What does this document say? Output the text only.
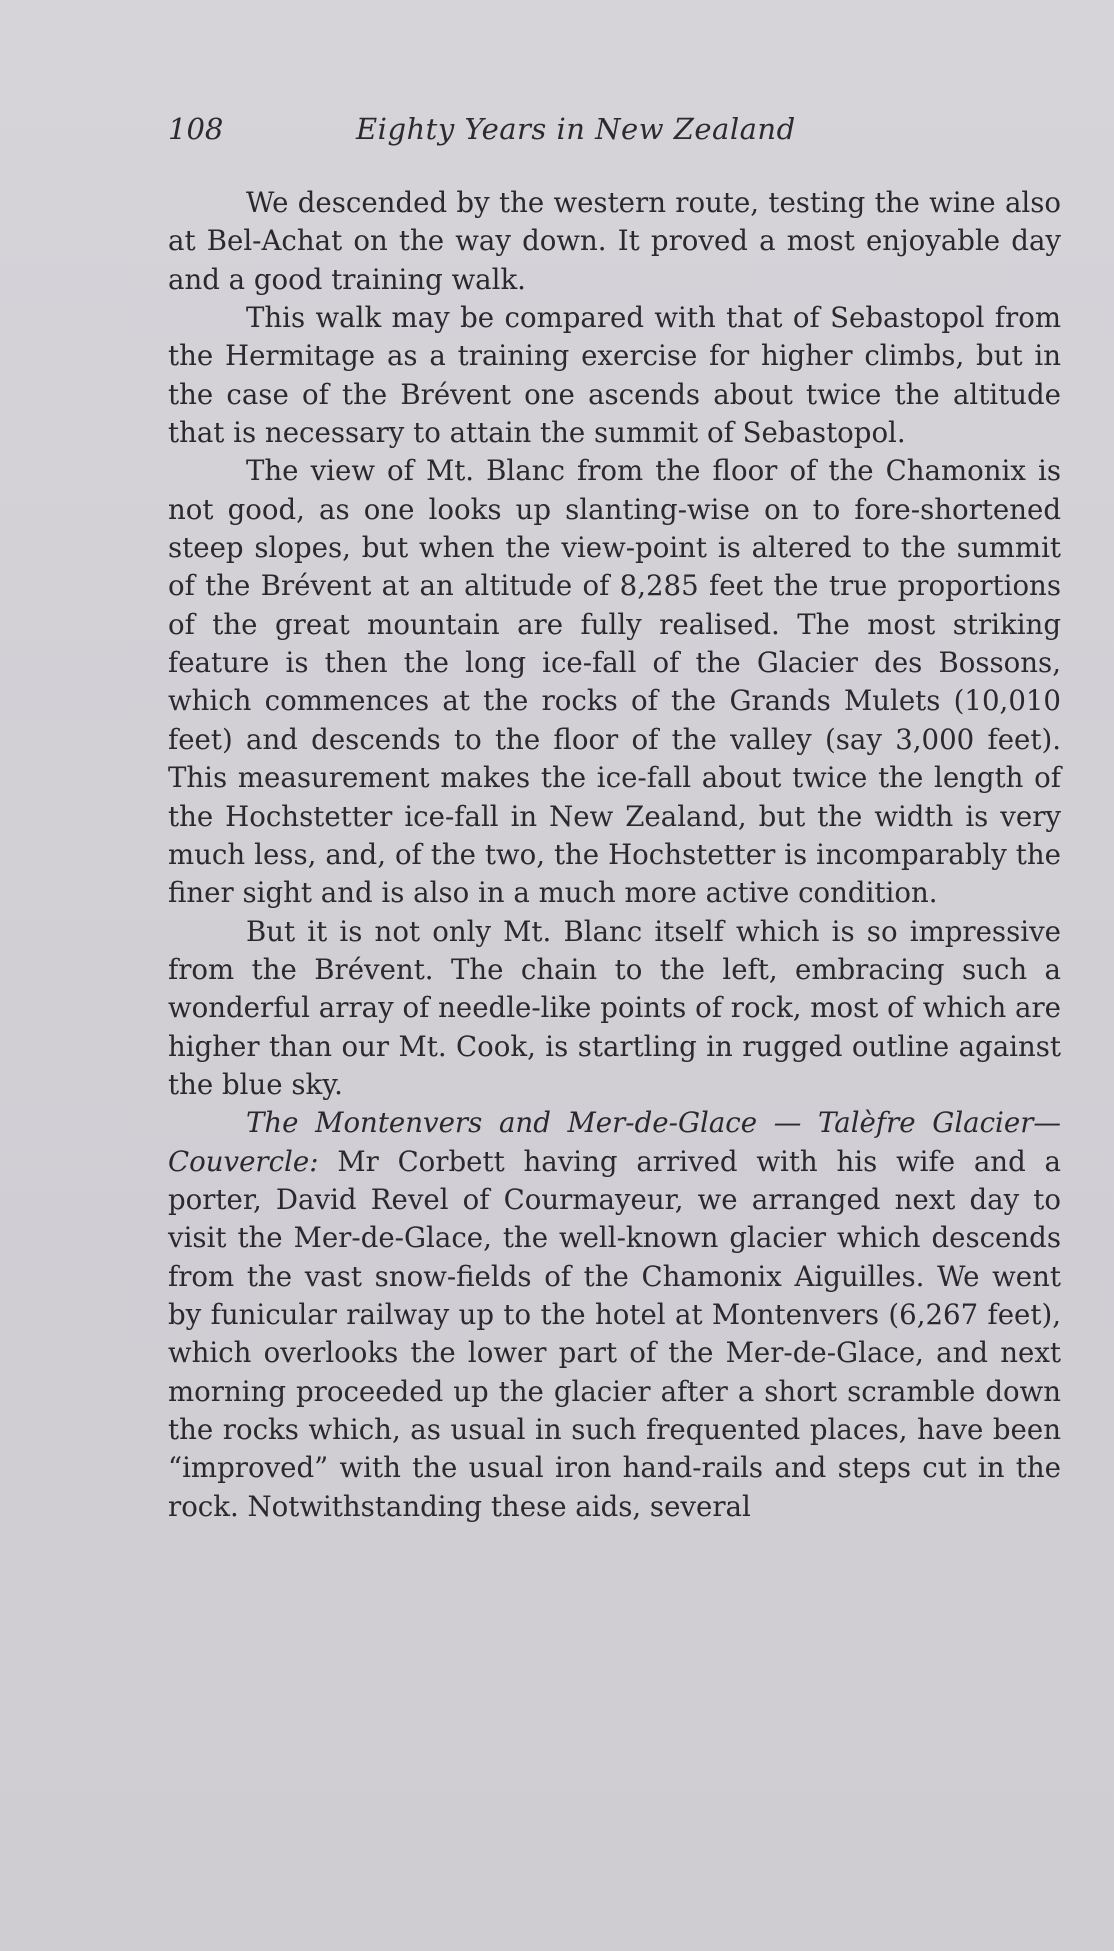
108	Eighty Years in New Zealand

We descended by the western route, testing the wine also at Bel-Achat on the way down. It proved a most enjoyable day and a good training walk.

This walk may be compared with that of Sebastopol from the Hermitage as a training exercise for higher climbs, but in the case of the Brévent one ascends about twice the altitude that is necessary to attain the summit of Sebastopol.

The view of Mt. Blanc from the floor of the Chamonix is not good, as one looks up slanting-wise on to fore-shortened steep slopes, but when the view-point is altered to the summit of the Brévent at an altitude of 8,285 feet the true proportions of the great mountain are fully realised. The most striking feature is then the long ice-fall of the Glacier des Bossons, which commences at the rocks of the Grands Mulets (10,010 feet) and descends to the floor of the valley (say 3,000 feet). This measurement makes the ice-fall about twice the length of the Hochstetter ice-fall in New Zealand, but the width is very much less, and, of the two, the Hochstetter is incomparably the finer sight and is also in a much more active condition.

But it is not only Mt. Blanc itself which is so impressive from the Brévent. The chain to the left, embracing such a wonderful array of needle-like points of rock, most of which are higher than our Mt. Cook, is startling in rugged outline against the blue sky.

The Montenvers and Mer-de-Glace — Talèfre Glacier—Couvercle: Mr Corbett having arrived with his wife and a porter, David Revel of Courmayeur, we arranged next day to visit the Mer-de-Glace, the well-known glacier which descends from the vast snow-fields of the Chamonix Aiguilles. We went by funicular railway up to the hotel at Montenvers (6,267 feet), which overlooks the lower part of the Mer-de-Glace, and next morning proceeded up the glacier after a short scramble down the rocks which, as usual in such frequented places, have been “improved” with the usual iron hand-rails and steps cut in the rock. Notwithstanding these aids, several
